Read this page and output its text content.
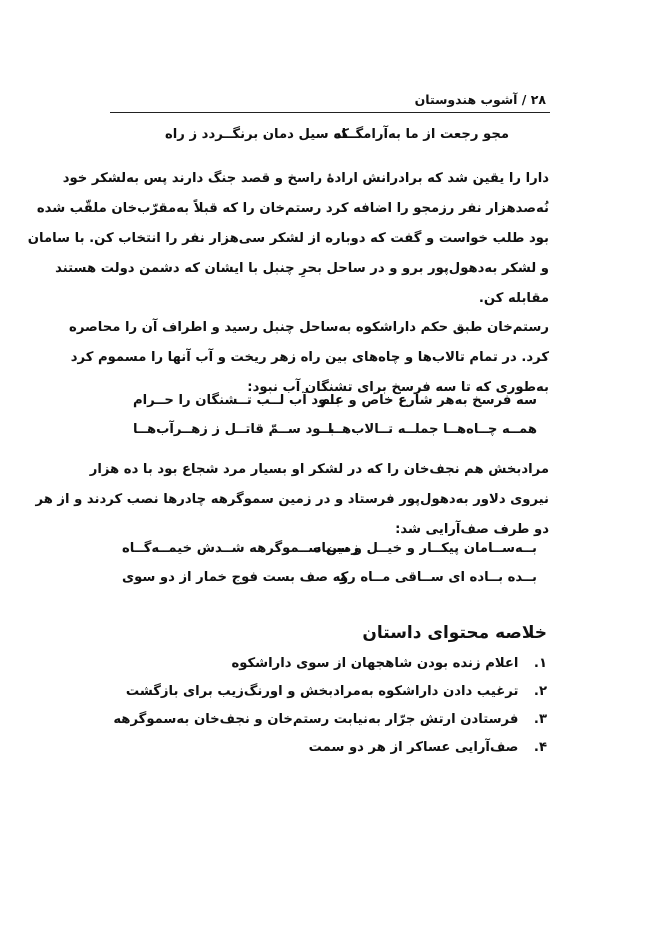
۲۸ / آشوب هندوستان
مجو رجعت از ما به‌آرامگــاه
که سیل دمان برنگــردد ز راه
دارا را یقین شد که برادرانش ارادهٔ راسخ و قصد جنگ دارند پس به‌لشکر خود
نُه‌صدهزار نفر رزمجو را اضافه کرد رستم‌خان را که قبلاً به‌مقرّب‌خان ملقّب شده
بود طلب خواست و گفت که دوباره از لشکر سی‌هزار نفر را انتخاب کن. با سامان
و لشکر به‌دهول‌پور برو و در ساحل بحرِ چنبل با ایشان که دشمن دولت هستند
مقابله کن.
رستم‌خان طبق حکم داراشکوه به‌ساحل چنبل رسید و اطراف آن را محاصره
کرد. در تمام تالاب‌ها و چاه‌های بین راه زهر ریخت و آب آنها را مسموم کرد
به‌طوری که تا سه فرسخ برای تشنگان آب نبود:
سه فرسخ به‌هر شارع خاص و عام
بــود آب لــب تــشنگان را حــرام
همــه چــاه‌هــا جملــه تــالاب‌هــا
بــود ســمّ قاتــل ز زهــرآب‌هــا
مرادبخش هم نجف‌خان را که در لشکر او بسیار مرد شجاع بود با ده هزار
نیروی دلاور به‌دهول‌پور فرستاد و در زمین سموگرهه چادرها نصب کردند و از هر
دو طرف صف‌آرایی شد:
بــه‌ســامان پیکــار و خیــل و سـپاه
زمین ســموگرهه شــدش خیمــه‌گــاه
بــده بــاده ای ســاقی مــاه رو
که صف بست فوج خمار از دو سوی
خلاصه محتوای داستان
۱. اعلام زنده بودن شاهجهان از سوی داراشکوه
۲. ترغیب دادن داراشکوه به‌مرادبخش و اورنگ‌زیب برای بازگشت
۳. فرستادن ارتش جرّار به‌نیابت رستم‌خان و نجف‌خان به‌سموگرهه
۴. صف‌آرایی عساکر از هر دو سمت
